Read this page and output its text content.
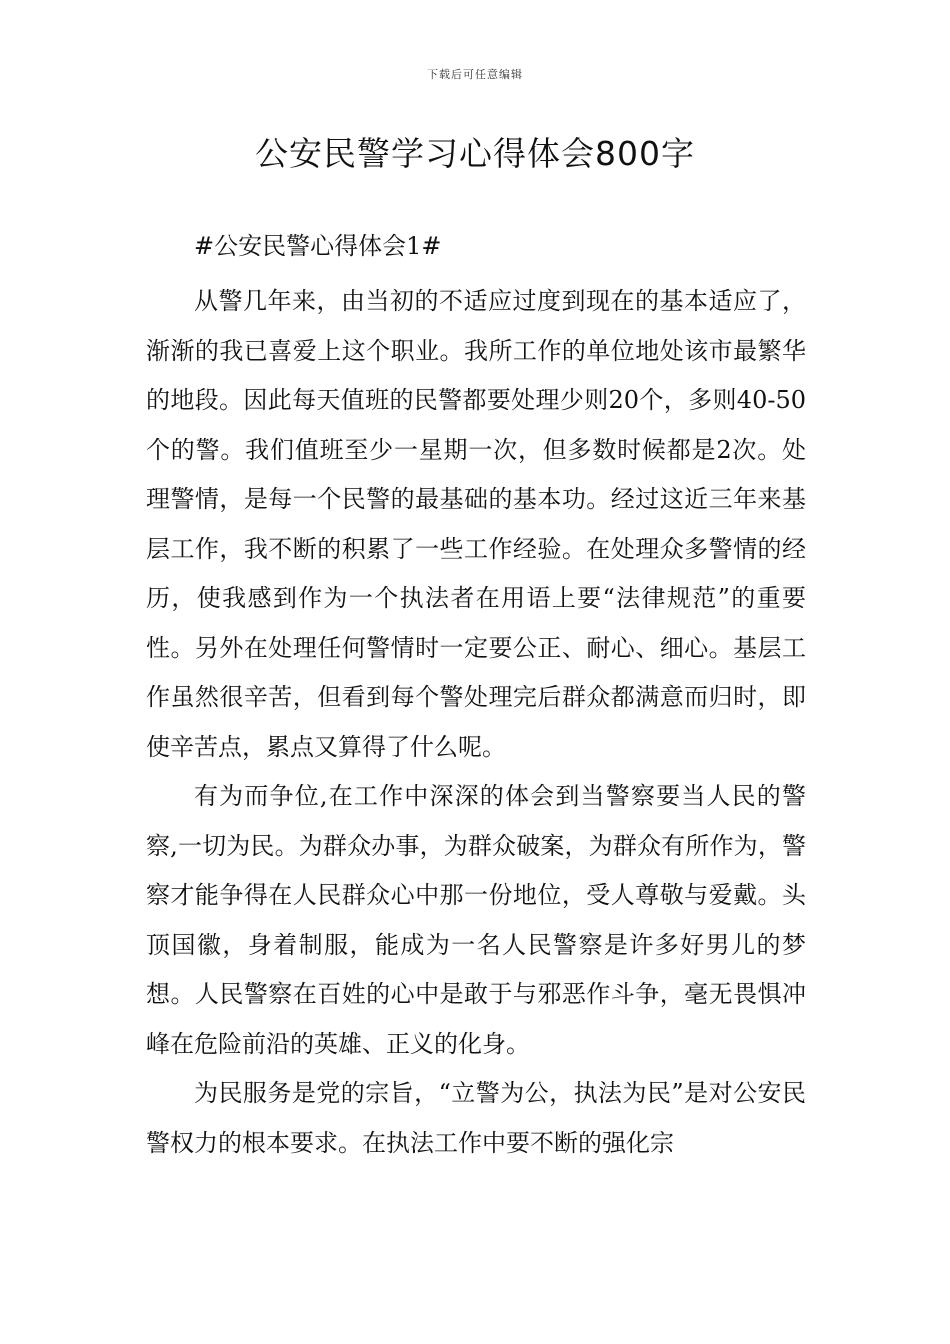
下载后可任意编辑
公安民警学习心得体会800字

#公安民警心得体会1#

从警几年来，由当初的不适应过度到现在的基本适应了，渐渐的我已喜爱上这个职业。我所工作的单位地处该市最繁华的地段。因此每天值班的民警都要处理少则20个，多则40-50个的警。我们值班至少一星期一次，但多数时候都是2次。处理警情，是每一个民警的最基础的基本功。经过这近三年来基层工作，我不断的积累了一些工作经验。在处理众多警情的经历，使我感到作为一个执法者在用语上要“法律规范”的重要性。另外在处理任何警情时一定要公正、耐心、细心。基层工作虽然很辛苦，但看到每个警处理完后群众都满意而归时，即使辛苦点，累点又算得了什么呢。

有为而争位,在工作中深深的体会到当警察要当人民的警察,一切为民。为群众办事，为群众破案，为群众有所作为，警察才能争得在人民群众心中那一份地位，受人尊敬与爱戴。头顶国徽，身着制服，能成为一名人民警察是许多好男儿的梦想。人民警察在百姓的心中是敢于与邪恶作斗争，毫无畏惧冲峰在危险前沿的英雄、正义的化身。

为民服务是党的宗旨，“立警为公，执法为民”是对公安民警权力的根本要求。在执法工作中要不断的强化宗
